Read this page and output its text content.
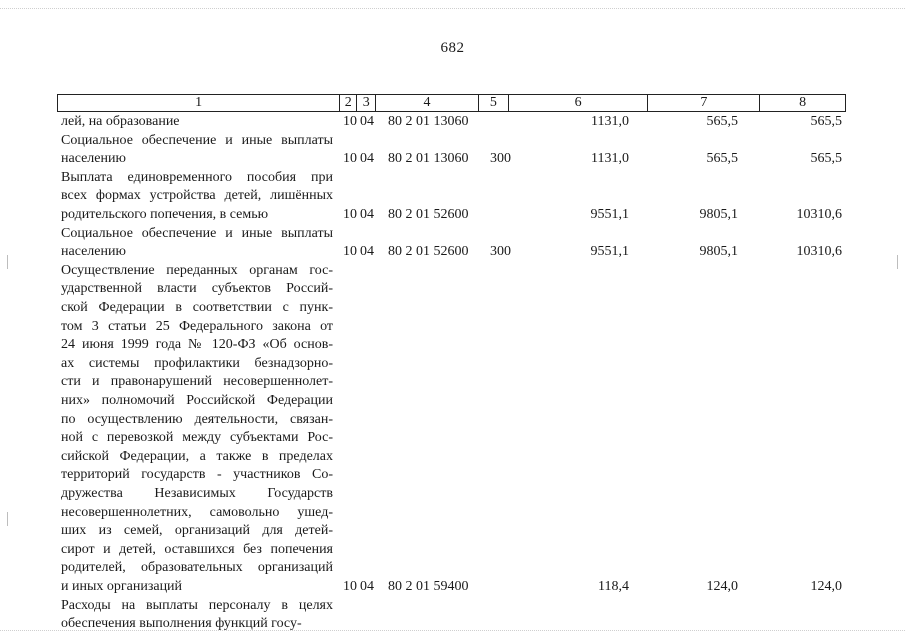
682
1	2 3	4	5	6	7	8
лей, на образование	10 04 80 2 01 13060	1131,0	565,5	565,5
Социальное обеспечение и иные выплаты
населению	10 04 80 2 01 13060 300	1131,0	565,5	565,5
Выплата единовременного пособия при
всех формах устройства детей, лишённых
родительского попечения, в семью	10 04 80 2 01 52600	9551,1	9805,1	10310,6
Социальное обеспечение и иные выплаты
населению	10 04 80 2 01 52600 300	9551,1	9805,1	10310,6
Осуществление переданных органам гос-
ударственной власти субъектов Россий-
ской Федерации в соответствии с пунк-
том 3 статьи 25 Федерального закона от
24 июня 1999 года № 120-ФЗ «Об основ-
ах системы профилактики безнадзорно-
сти и правонарушений несовершеннолет-
них» полномочий Российской Федерации
по осуществлению деятельности, связан-
ной с перевозкой между субъектами Рос-
сийской Федерации, а также в пределах
территорий государств - участников Со-
дружества Независимых Государств
несовершеннолетних, самовольно ушед-
ших из семей, организаций для детей-
сирот и детей, оставшихся без попечения
родителей, образовательных организаций
и иных организаций	10 04 80 2 01 59400	118,4	124,0	124,0
Расходы на выплаты персоналу в целях
обеспечения выполнения функций госу-
